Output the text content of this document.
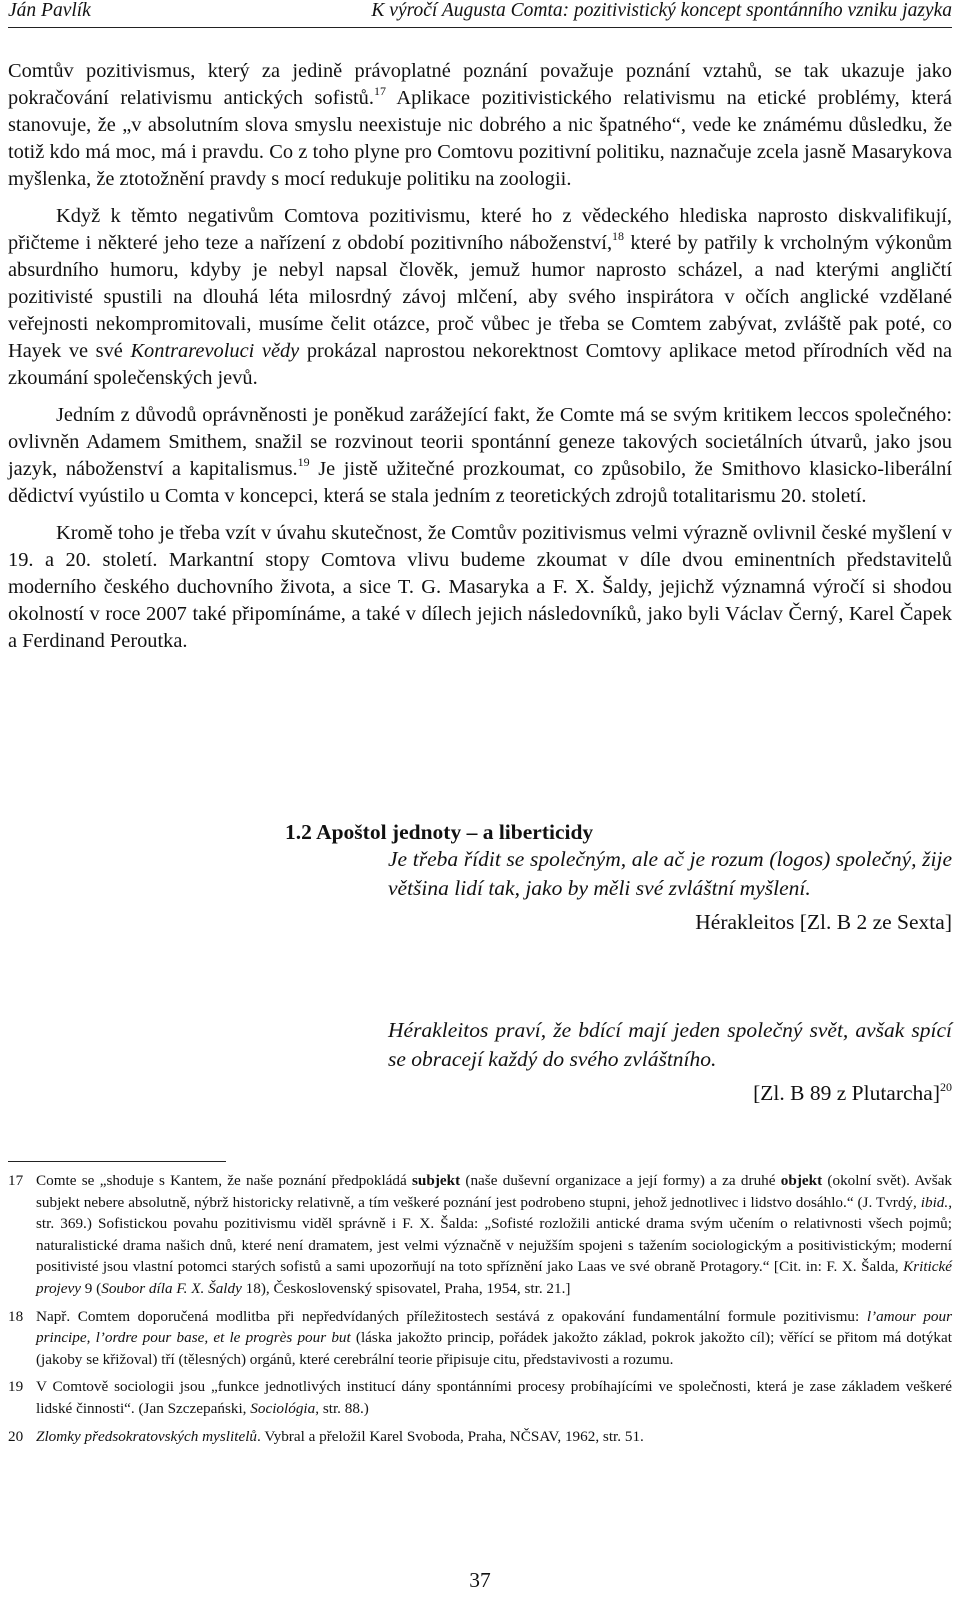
Ján Pavlík	K výročí Augusta Comta: pozitivistický koncept spontánního vzniku jazyka

Comtův pozitivismus, který za jedině právoplatné poznání považuje poznání vztahů, se tak ukazuje jako pokračování relativismu antických sofistů.$^{17}$ Aplikace pozitivistického relativismu na etické problémy, která stanovuje, že „v absolutním slova smyslu neexistuje nic dobrého a nic špatného“, vede ke známému důsledku, že totiž kdo má moc, má i pravdu. Co z toho plyne pro Comtovu pozitivní politiku, naznačuje zcela jasně Masarykova myšlenka, že ztotožnění pravdy s mocí redukuje politiku na zoologii.

Když k těmto negativům Comtova pozitivismu, které ho z vědeckého hlediska naprosto diskvalifikují, přičteme i některé jeho teze a nařízení z období pozitivního náboženství,$^{18}$ které by patřily k vrcholným výkonům absurdního humoru, kdyby je nebyl napsal člověk, jemuž humor naprosto scházel, a nad kterými angličtí pozitivisté spustili na dlouhá léta milosrdný závoj mlčení, aby svého inspirátora v očích anglické vzdělané veřejnosti nekompromitovali, musíme čelit otázce, proč vůbec je třeba se Comtem zabývat, zvláště pak poté, co Hayek ve své Kontrarevoluci vědy prokázal naprostou nekorektnost Comtovy aplikace metod přírodních věd na zkoumání společenských jevů.

Jedním z důvodů oprávněnosti je poněkud zarážející fakt, že Comte má se svým kritikem leccos společného: ovlivněn Adamem Smithem, snažil se rozvinout teorii spontánní geneze takových societálních útvarů, jako jsou jazyk, náboženství a kapitalismus.$^{19}$ Je jistě užitečné prozkoumat, co způsobilo, že Smithovo klasicko-liberální dědictví vyústilo u Comta v koncepci, která se stala jedním z teoretických zdrojů totalitarismu 20. století.

Kromě toho je třeba vzít v úvahu skutečnost, že Comtův pozitivismus velmi výrazně ovlivnil české myšlení v 19. a 20. století. Markantní stopy Comtova vlivu budeme zkoumat v díle dvou eminentních představitelů moderního českého duchovního života, a sice T. G. Masaryka a F. X. Šaldy, jejichž významná výročí si shodou okolností v roce 2007 také připomínáme, a také v dílech jejich následovníků, jako byli Václav Černý, Karel Čapek a Ferdinand Peroutka.

1.2 Apoštol jednoty – a liberticidy
Je třeba řídit se společným, ale ač je rozum (logos) společný, žije většina lidí tak, jako by měli své zvláštní myšlení.
Hérakleitos [Zl. B 2 ze Sexta]
Hérakleitos praví, že bdící mají jeden společný svět, avšak spící se obracejí každý do svého zvláštního.
[Zl. B 89 z Plutarcha]$^{20}$
17 Comte se „shoduje s Kantem, že naše poznání předpokládá subjekt (naše duševní organizace a její formy) a za druhé objekt (okolní svět). Avšak subjekt nebere absolutně, nýbrž historicky relativně, a tím veškeré poznání jest podrobeno stupni, jehož jednotlivec i lidstvo dosáhlo.“ (J. Tvrdý, ibid., str. 369.) Sofistickou povahu pozitivismu viděl správně i F. X. Šalda: „Sofisté rozložili antické drama svým učením o relativnosti všech pojmů; naturalistické drama našich dnů, které není dramatem, jest velmi význačně v nejužším spojeni s tažením sociologickým a positivistickým; moderní positivisté jsou vlastní potomci starých sofistů a sami upozorňují na toto spříznění jako Laas ve své obraně Protagory.“ [Cit. in: F. X. Šalda, Kritické projevy 9 (Soubor díla F. X. Šaldy 18), Československý spisovatel, Praha, 1954, str. 21.]
18 Např. Comtem doporučená modlitba při nepředvídaných příležitostech sestává z opakování fundamentální formule pozitivismu: l’amour pour principe, l’ordre pour base, et le progrès pour but (láska jakožto princip, pořádek jakožto základ, pokrok jakožto cíl); věřící se přitom má dotýkat (jakoby se křižoval) tří (tělesných) orgánů, které cerebrální teorie připisuje citu, představivosti a rozumu.
19 V Comtově sociologii jsou „funkce jednotlivých institucí dány spontánními procesy probíhajícími ve společnosti, která je zase základem veškeré lidské činnosti“. (Jan Szczepański, Sociológia, str. 88.)
20 Zlomky předsokratovských myslitelů. Vybral a přeložil Karel Svoboda, Praha, NČSAV, 1962, str. 51.
37
